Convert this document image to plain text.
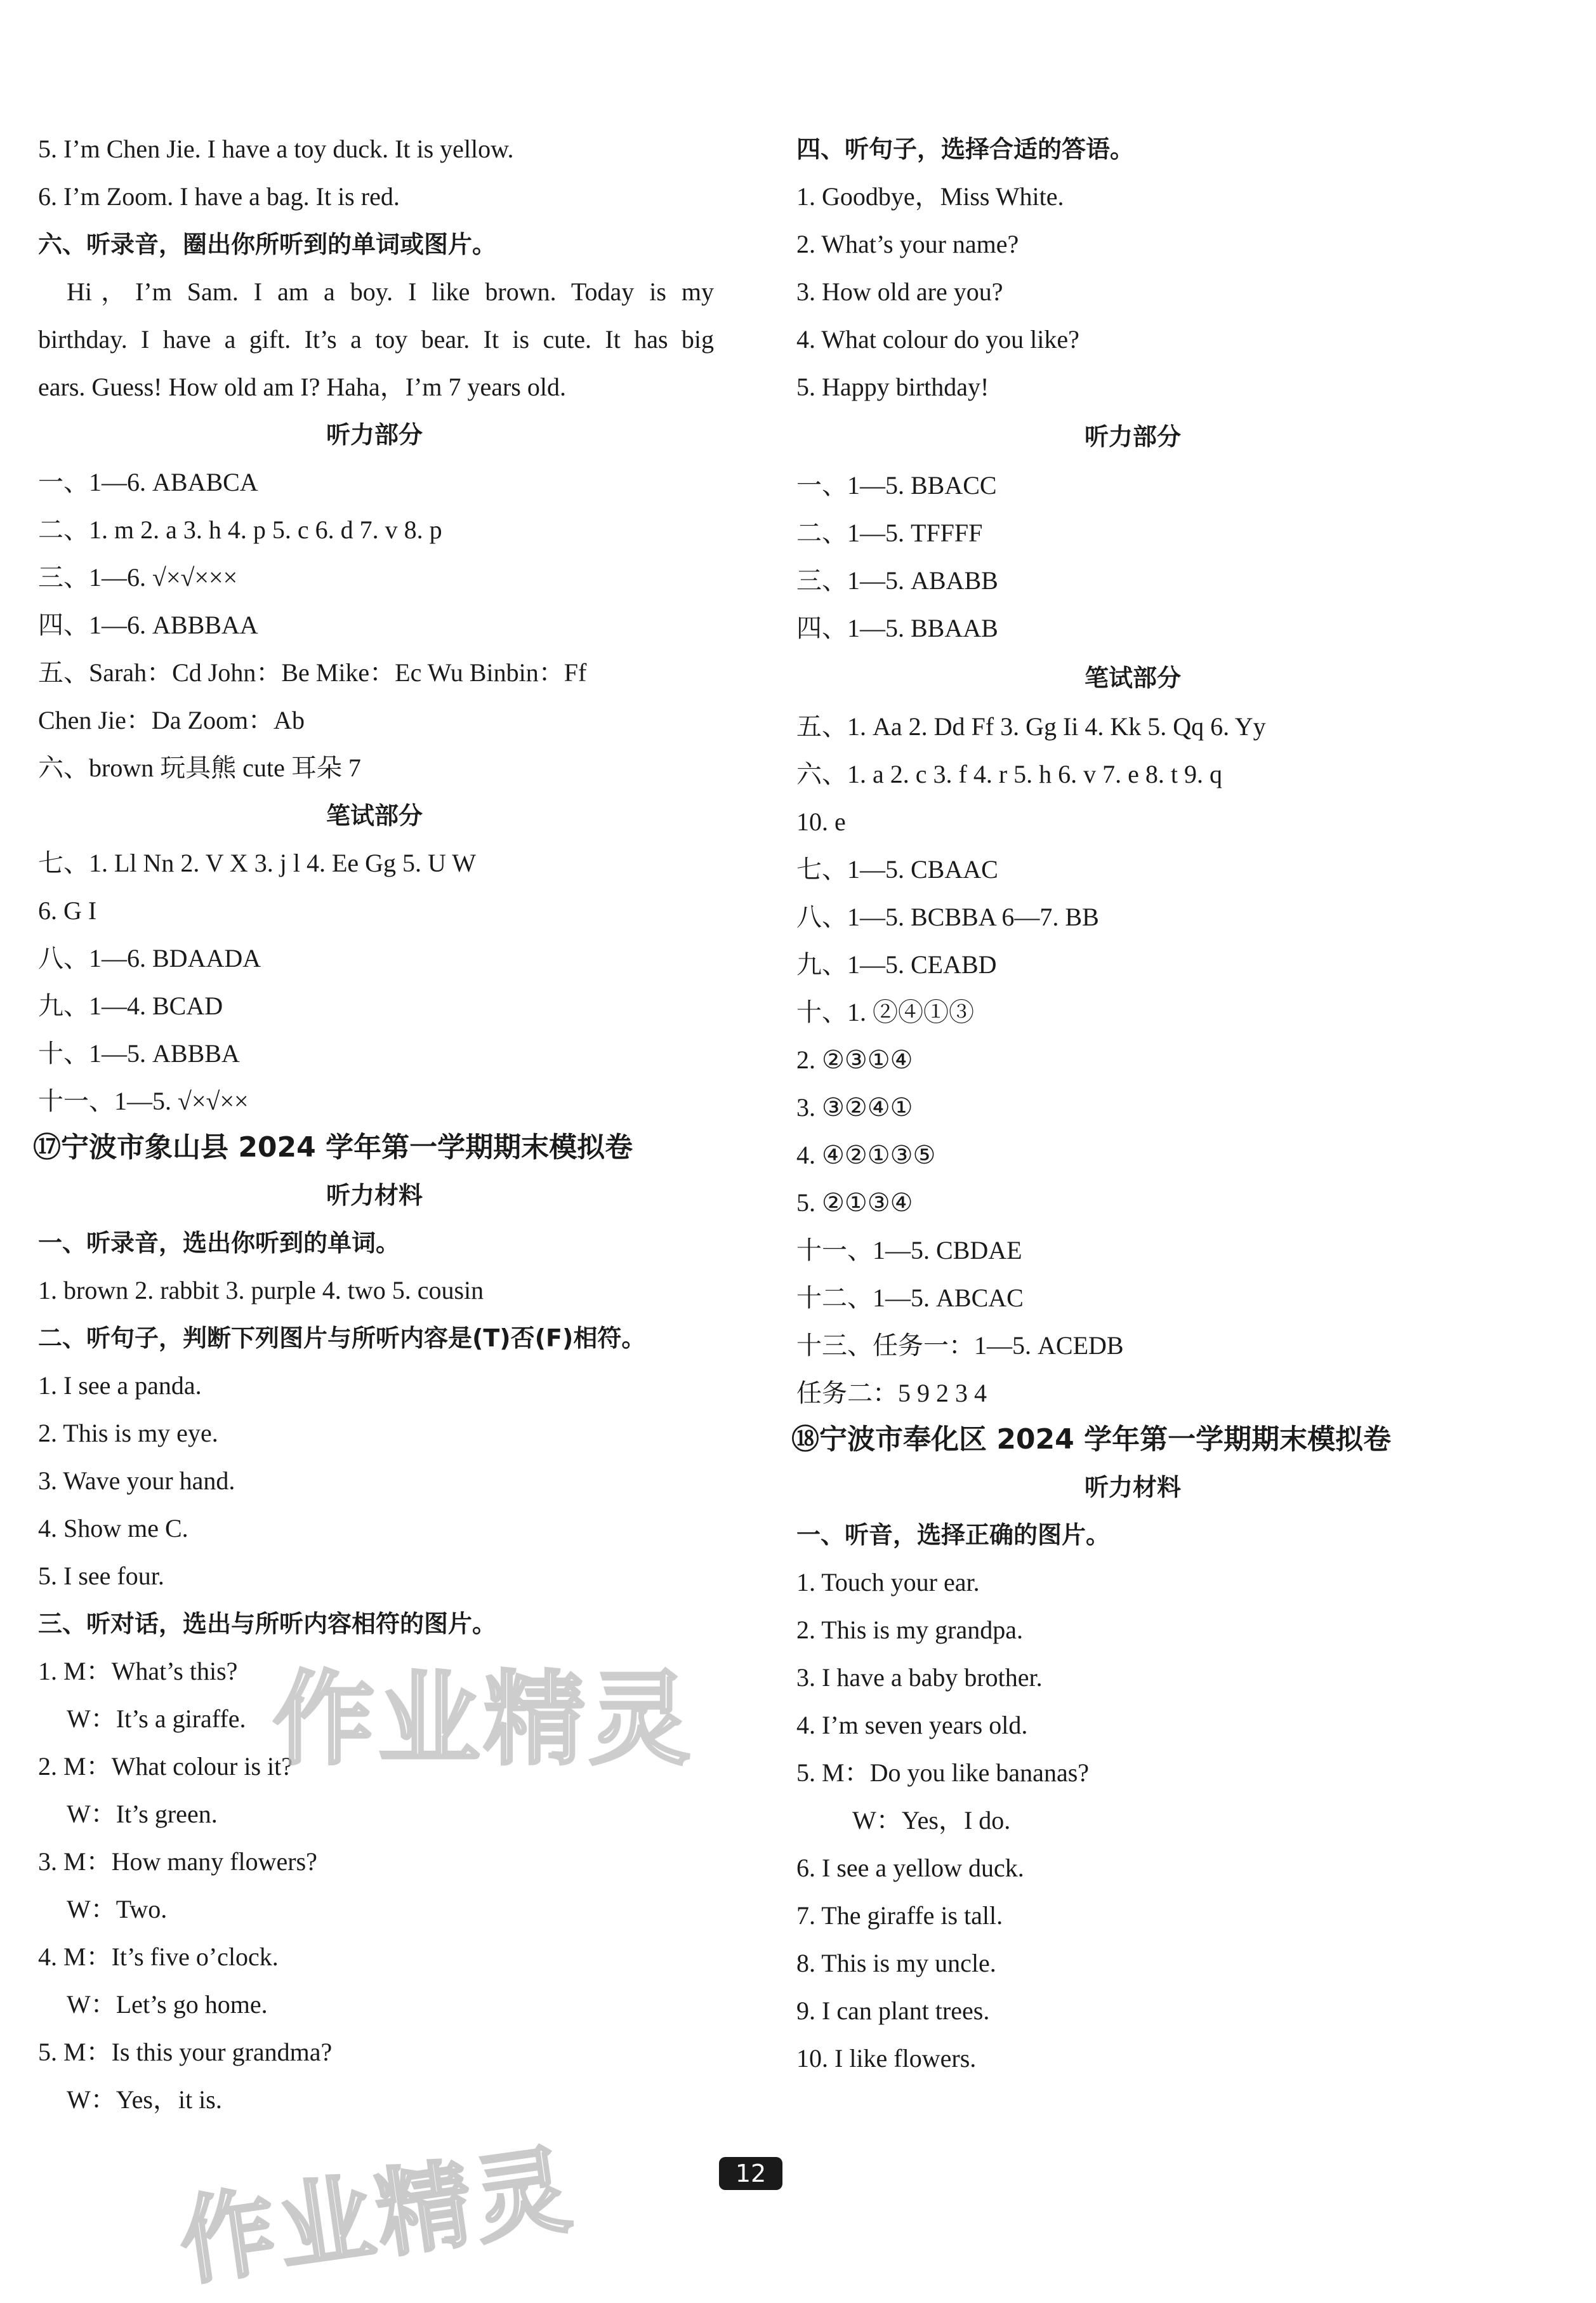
5. I’m Chen Jie. I have a toy duck. It is yellow.
6. I’m Zoom. I have a bag. It is red.
六、听录音，圈出你所听到的单词或图片。
Hi，I’m Sam. I am a boy. I like brown. Today is my
birthday. I have a gift. It’s a toy bear. It is cute. It has big
ears. Guess! How old am I? Haha，I’m 7 years old.
听力部分
一、1—6. ABABCA
二、1. m 2. a 3. h 4. p 5. c 6. d 7. v 8. p
三、1—6. √×√×××
四、1—6. ABBBAA
五、Sarah：Cd John：Be Mike：Ec Wu Binbin：Ff
Chen Jie：Da Zoom：Ab
六、brown 玩具熊 cute 耳朵 7
笔试部分
七、1. Ll Nn 2. V X 3. j l 4. Ee Gg 5. U W
6. G I
八、1—6. BDAADA
九、1—4. BCAD
十、1—5. ABBBA
十一、1—5. √×√××
⑰宁波市象山县 2024 学年第一学期期末模拟卷
听力材料
一、听录音，选出你听到的单词。
1. brown 2. rabbit 3. purple 4. two 5. cousin
二、听句子，判断下列图片与所听内容是(T)否(F)相符。
1. I see a panda.
2. This is my eye.
3. Wave your hand.
4. Show me C.
5. I see four.
三、听对话，选出与所听内容相符的图片。
1. M：What’s this?
W：It’s a giraffe.
2. M：What colour is it?
W：It’s green.
3. M：How many flowers?
W：Two.
4. M：It’s five o’clock.
W：Let’s go home.
5. M：Is this your grandma?
W：Yes，it is.
四、听句子，选择合适的答语。
1. Goodbye，Miss White.
2. What’s your name?
3. How old are you?
4. What colour do you like?
5. Happy birthday!
听力部分
一、1—5. BBACC
二、1—5. TFFFF
三、1—5. ABABB
四、1—5. BBAAB
笔试部分
五、1. Aa 2. Dd Ff 3. Gg Ii 4. Kk 5. Qq 6. Yy
六、1. a 2. c 3. f 4. r 5. h 6. v 7. e 8. t 9. q
10. e
七、1—5. CBAAC
八、1—5. BCBBA 6—7. BB
九、1—5. CEABD
十、1. ②④①③
2. ②③①④
3. ③②④①
4. ④②①③⑤
5. ②①③④
十一、1—5. CBDAE
十二、1—5. ABCAC
十三、任务一：1—5. ACEDB
任务二：5 9 2 3 4
⑱宁波市奉化区 2024 学年第一学期期末模拟卷
听力材料
一、听音，选择正确的图片。
1. Touch your ear.
2. This is my grandpa.
3. I have a baby brother.
4. I’m seven years old.
5. M：Do you like bananas?
W：Yes，I do.
6. I see a yellow duck.
7. The giraffe is tall.
8. This is my uncle.
9. I can plant trees.
10. I like flowers.
作业精灵
作业精灵	12
